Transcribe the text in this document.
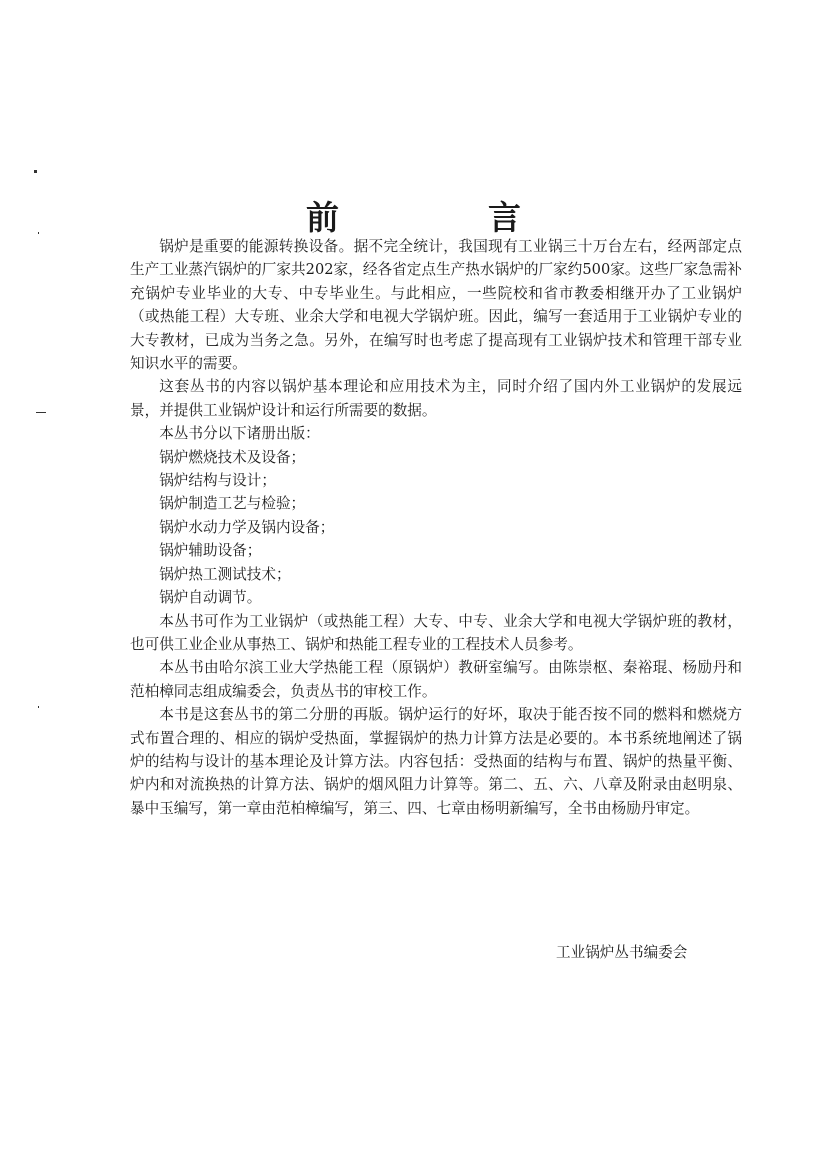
前　言

锅炉是重要的能源转换设备。据不完全统计，我国现有工业锅三十万台左右，经两部定点生产工业蒸汽锅炉的厂家共202家，经各省定点生产热水锅炉的厂家约500家。这些厂家急需补充锅炉专业毕业的大专、中专毕业生。与此相应，一些院校和省市教委相继开办了工业锅炉（或热能工程）大专班、业余大学和电视大学锅炉班。因此，编写一套适用于工业锅炉专业的大专教材，已成为当务之急。另外，在编写时也考虑了提高现有工业锅炉技术和管理干部专业知识水平的需要。

这套丛书的内容以锅炉基本理论和应用技术为主，同时介绍了国内外工业锅炉的发展远景，并提供工业锅炉设计和运行所需要的数据。

本丛书分以下诸册出版：

锅炉燃烧技术及设备；

锅炉结构与设计；

锅炉制造工艺与检验；

锅炉水动力学及锅内设备；

锅炉辅助设备；

锅炉热工测试技术；

锅炉自动调节。

本丛书可作为工业锅炉（或热能工程）大专、中专、业余大学和电视大学锅炉班的教材，也可供工业企业从事热工、锅炉和热能工程专业的工程技术人员参考。

本丛书由哈尔滨工业大学热能工程（原锅炉）教研室编写。由陈崇枢、秦裕琨、杨励丹和范柏樟同志组成编委会，负责丛书的审校工作。

本书是这套丛书的第二分册的再版。锅炉运行的好坏，取决于能否按不同的燃料和燃烧方式布置合理的、相应的锅炉受热面，掌握锅炉的热力计算方法是必要的。本书系统地阐述了锅炉的结构与设计的基本理论及计算方法。内容包括：受热面的结构与布置、锅炉的热量平衡、炉内和对流换热的计算方法、锅炉的烟风阻力计算等。第二、五、六、八章及附录由赵明泉、暴中玉编写，第一章由范柏樟编写，第三、四、七章由杨明新编写，全书由杨励丹审定。

工业锅炉丛书编委会
